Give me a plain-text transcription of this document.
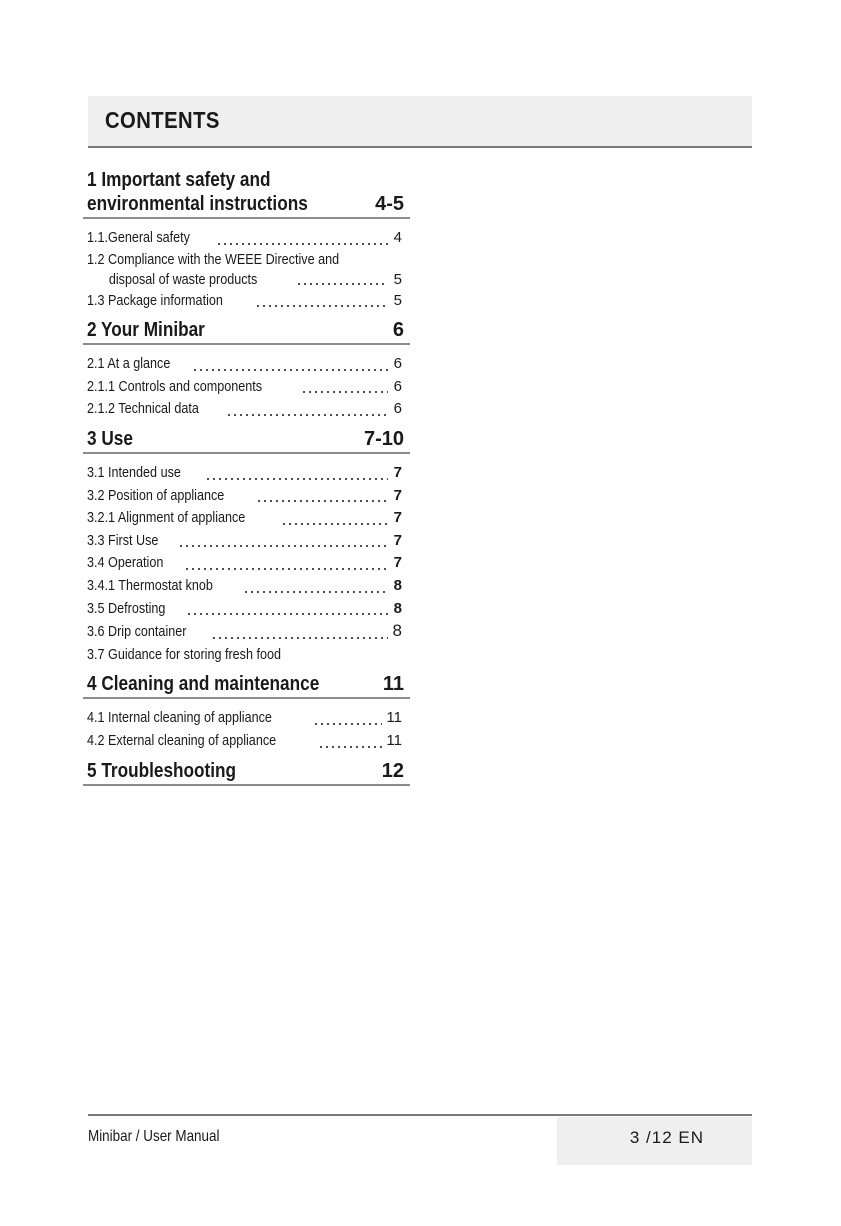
CONTENTS
1 Important safety and
environmental instructions	4-5
1.1.General safety	4
1.2 Compliance with the WEEE Directive and
disposal of waste products	5
1.3 Package information	5
2 Your Minibar	6
2.1 At a glance	6
2.1.1 Controls and components	6
2.1.2 Technical data	6
3 Use	7-10
3.1 Intended use	7
3.2 Position of appliance	7
3.2.1 Alignment of appliance	7
3.3 First Use	7
3.4 Operation	7
3.4.1 Thermostat knob	8
3.5 Defrosting	8
3.6 Drip container	8
3.7 Guidance for storing fresh food
4 Cleaning and maintenance	11
4.1 Internal cleaning of appliance	11
4.2 External cleaning of appliance	11
5 Troubleshooting	12
Minibar / User Manual	3 /12 EN
